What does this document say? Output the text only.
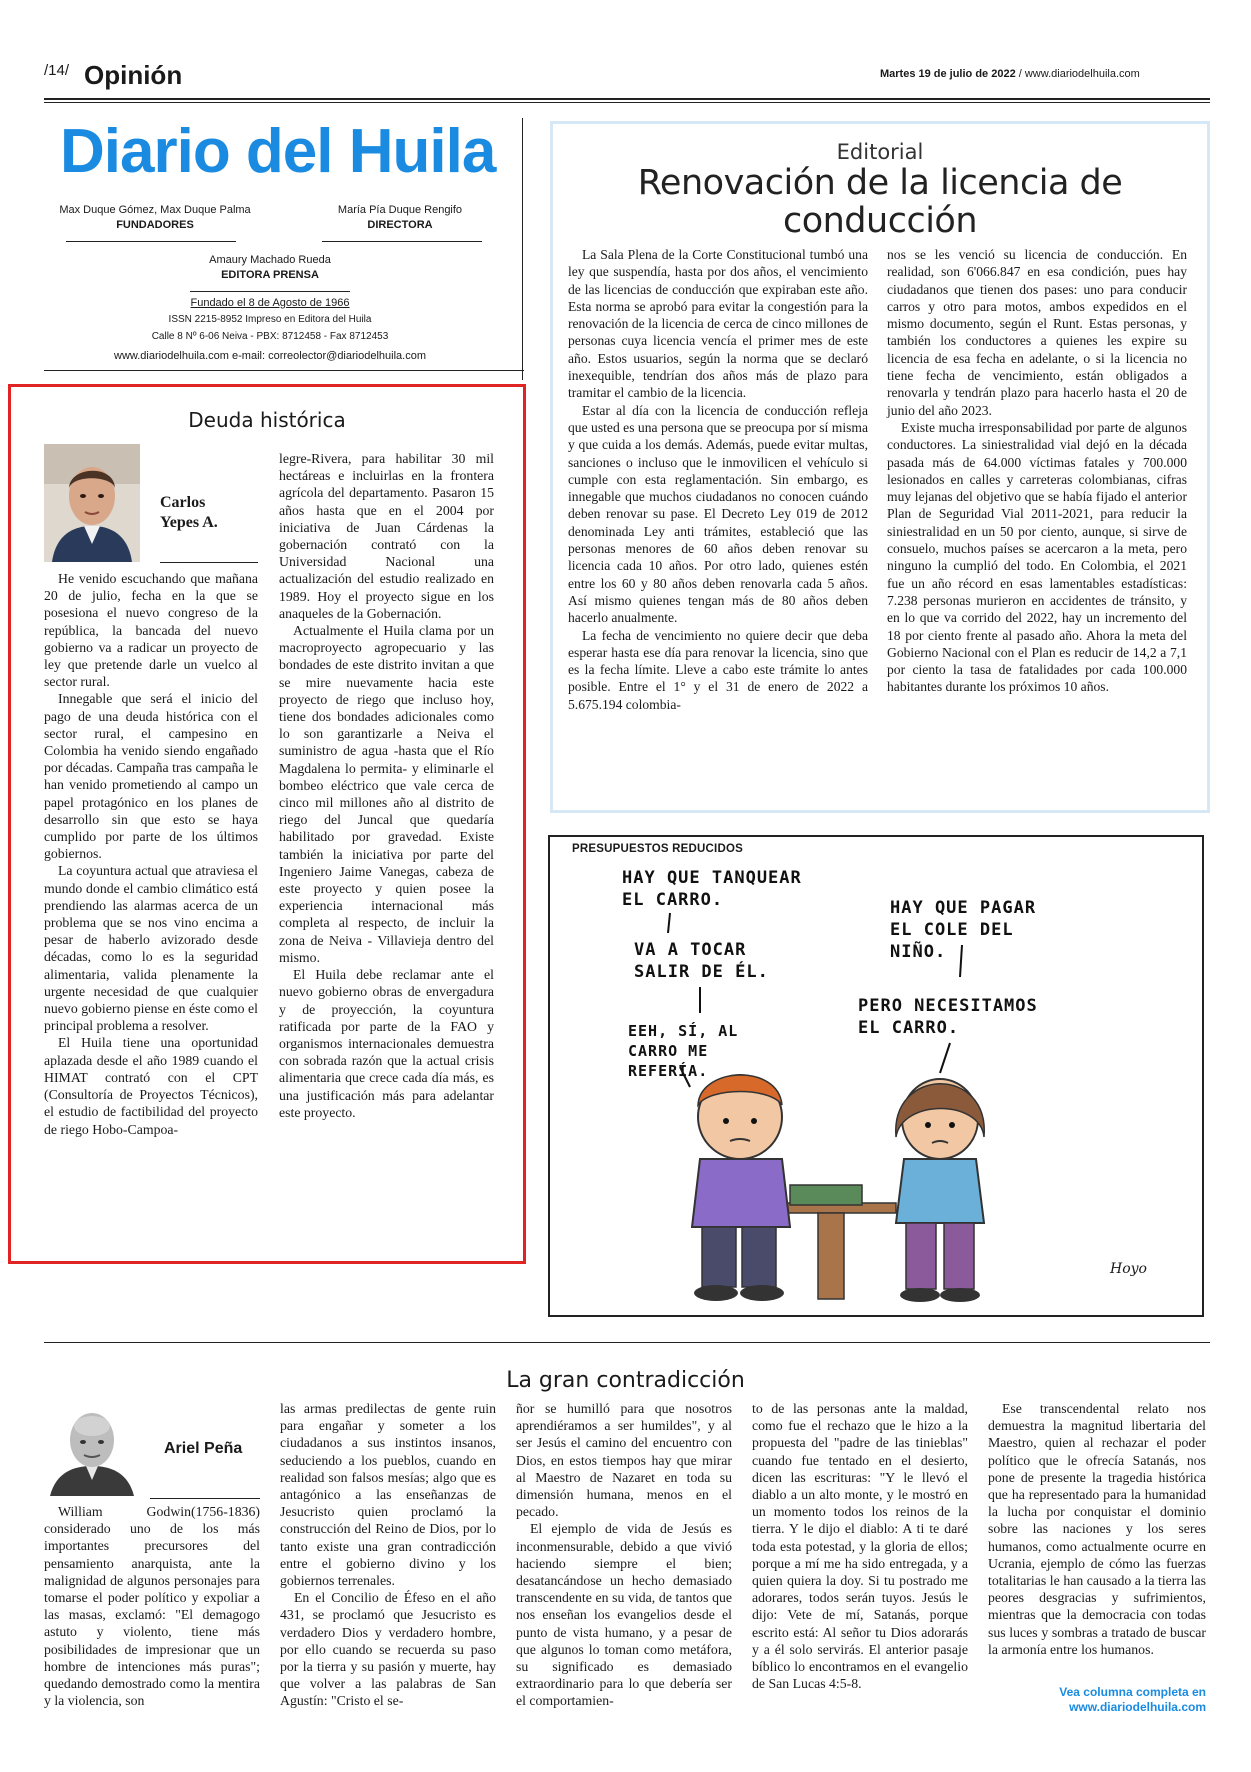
/14/ Opinión	Martes 19 de julio de 2022 / www.diariodelhuila.com
Diario del Huila
Max Duque Gómez, Max Duque Palma
FUNDADORES
María Pía Duque Rengifo
DIRECTORA
Amaury Machado Rueda
EDITORA PRENSA
Fundado el 8 de Agosto de 1966
ISSN 2215-8952 Impreso en Editora del Huila
Calle 8 Nº 6-06 Neiva - PBX: 8712458 - Fax 8712453
www.diariodelhuila.com e-mail: correolector@diariodelhuila.com
Editorial
Renovación de la licencia de conducción

La Sala Plena de la Corte Constitucional tumbó una ley que suspendía, hasta por dos años, el vencimiento de las licencias de conducción que expiraban este año. Esta norma se aprobó para evitar la congestión para la renovación de la licencia de cerca de cinco millones de personas cuya licencia vencía el primer mes de este año. Estos usuarios, según la norma que se declaró inexequible, tendrían dos años más de plazo para tramitar el cambio de la licencia.

Estar al día con la licencia de conducción refleja que usted es una persona que se preocupa por sí misma y que cuida a los demás. Además, puede evitar multas, sanciones o incluso que le inmovilicen el vehículo si cumple con esta reglamentación. Sin embargo, es innegable que muchos ciudadanos no conocen cuándo deben renovar su pase. El Decreto Ley 019 de 2012 denominada Ley anti trámites, estableció que las personas menores de 60 años deben renovar su licencia cada 10 años. Por otro lado, quienes estén entre los 60 y 80 años deben renovarla cada 5 años. Así mismo quienes tengan más de 80 años deben hacerlo anualmente.

La fecha de vencimiento no quiere decir que deba esperar hasta ese día para renovar la licencia, sino que es la fecha límite. Lleve a cabo este trámite lo antes posible. Entre el 1° y el 31 de enero de 2022 a 5.675.194 colombia-

nos se les venció su licencia de conducción. En realidad, son 6'066.847 en esa condición, pues hay ciudadanos que tienen dos pases: uno para conducir carros y otro para motos, ambos expedidos en el mismo documento, según el Runt. Estas personas, y también los conductores a quienes les expire su licencia de esa fecha en adelante, o si la licencia no tiene fecha de vencimiento, están obligados a renovarla y tendrán plazo para hacerlo hasta el 20 de junio del año 2023.

Existe mucha irresponsabilidad por parte de algunos conductores. La siniestralidad vial dejó en la década pasada más de 64.000 víctimas fatales y 700.000 lesionados en calles y carreteras colombianas, cifras muy lejanas del objetivo que se había fijado el anterior Plan de Seguridad Vial 2011-2021, para reducir la siniestralidad en un 50 por ciento, aunque, si sirve de consuelo, muchos países se acercaron a la meta, pero ninguno la cumplió del todo. En Colombia, el 2021 fue un año récord en esas lamentables estadísticas: 7.238 personas murieron en accidentes de tránsito, y en lo que va corrido del 2022, hay un incremento del 18 por ciento frente al pasado año. Ahora la meta del Gobierno Nacional con el Plan es reducir de 14,2 a 7,1 por ciento la tasa de fatalidades por cada 100.000 habitantes durante los próximos 10 años.

Deuda histórica
Carlos
Yepes A.

He venido escuchando que mañana 20 de julio, fecha en la que se posesiona el nuevo congreso de la república, la bancada del nuevo gobierno va a radicar un proyecto de ley que pretende darle un vuelco al sector rural.

Innegable que será el inicio del pago de una deuda histórica con el sector rural, el campesino en Colombia ha venido siendo engañado por décadas. Campaña tras campaña le han venido prometiendo al campo un papel protagónico en los planes de desarrollo sin que esto se haya cumplido por parte de los últimos gobiernos.

La coyuntura actual que atraviesa el mundo donde el cambio climático está prendiendo las alarmas acerca de un problema que se nos vino encima a pesar de haberlo avizorado desde décadas, como lo es la seguridad alimentaria, valida plenamente la urgente necesidad de que cualquier nuevo gobierno piense en éste como el principal problema a resolver.

El Huila tiene una oportunidad aplazada desde el año 1989 cuando el HIMAT contrató con el CPT (Consultoría de Proyectos Técnicos), el estudio de factibilidad del proyecto de riego Hobo-Campoa-

legre-Rivera, para habilitar 30 mil hectáreas e incluirlas en la frontera agrícola del departamento. Pasaron 15 años hasta que en el 2004 por iniciativa de Juan Cárdenas la gobernación contrató con la Universidad Nacional una actualización del estudio realizado en 1989. Hoy el proyecto sigue en los anaqueles de la Gobernación.

Actualmente el Huila clama por un macroproyecto agropecuario y las bondades de este distrito invitan a que se mire nuevamente hacia este proyecto de riego que incluso hoy, tiene dos bondades adicionales como lo son garantizarle a Neiva el suministro de agua -hasta que el Río Magdalena lo permita- y eliminarle el bombeo eléctrico que vale cerca de cinco mil millones año al distrito de riego del Juncal que quedaría habilitado por gravedad. Existe también la iniciativa por parte del Ingeniero Jaime Vanegas, cabeza de este proyecto y quien posee la experiencia internacional más completa al respecto, de incluir la zona de Neiva - Villavieja dentro del mismo.

El Huila debe reclamar ante el nuevo gobierno obras de envergadura y de proyección, la coyuntura ratificada por parte de la FAO y organismos internacionales demuestra con sobrada razón que la actual crisis alimentaria que crece cada día más, es una justificación más para adelantar este proyecto.

PRESUPUESTOS REDUCIDOS
HAY QUE TANQUEAR EL CARRO.
VA A TOCAR SALIR DE ÉL.
EEH, SÍ, AL CARRO ME REFERÍA.
HAY QUE PAGAR EL COLE DEL NIÑO.
PERO NECESITAMOS EL CARRO.
Hoyo
La gran contradicción
Ariel Peña

William Godwin(1756-1836) considerado uno de los más importantes precursores del pensamiento anarquista, ante la malignidad de algunos personajes para tomarse el poder político y expoliar a las masas, exclamó: "El demagogo astuto y violento, tiene más posibilidades de impresionar que un hombre de intenciones más puras"; quedando demostrado como la mentira y la violencia, son

las armas predilectas de gente ruin para engañar y someter a los ciudadanos a sus instintos insanos, seduciendo a los pueblos, cuando en realidad son falsos mesías; algo que es antagónico a las enseñanzas de Jesucristo quien proclamó la construcción del Reino de Dios, por lo tanto existe una gran contradicción entre el gobierno divino y los gobiernos terrenales.

En el Concilio de Éfeso en el año 431, se proclamó que Jesucristo es verdadero Dios y verdadero hombre, por ello cuando se recuerda su paso por la tierra y su pasión y muerte, hay que volver a las palabras de San Agustín: "Cristo el se-

ñor se humilló para que nosotros aprendiéramos a ser humildes", y al ser Jesús el camino del encuentro con Dios, en estos tiempos hay que mirar al Maestro de Nazaret en toda su dimensión humana, menos en el pecado.

El ejemplo de vida de Jesús es inconmensurable, debido a que vivió haciendo siempre el bien; desatancándose un hecho demasiado transcendente en su vida, de tantos que nos enseñan los evangelios desde el punto de vista humano, y a pesar de que algunos lo toman como metáfora, su significado es demasiado extraordinario para lo que debería ser el comportamien-

to de las personas ante la maldad, como fue el rechazo que le hizo a la propuesta del "padre de las tinieblas" cuando fue tentado en el desierto, dicen las escrituras: "Y le llevó el diablo a un alto monte, y le mostró en un momento todos los reinos de la tierra. Y le dijo el diablo: A ti te daré toda esta potestad, y la gloria de ellos; porque a mí me ha sido entregada, y a quien quiera la doy. Si tu postrado me adorares, todos serán tuyos. Jesús le dijo: Vete de mí, Satanás, porque escrito está: Al señor tu Dios adorarás y a él solo servirás. El anterior pasaje bíblico lo encontramos en el evangelio de San Lucas 4:5-8.

Ese transcendental relato nos demuestra la magnitud libertaria del Maestro, quien al rechazar el poder político que le ofrecía Satanás, nos pone de presente la tragedia histórica que ha representado para la humanidad la lucha por conquistar el dominio sobre las naciones y los seres humanos, como actualmente ocurre en Ucrania, ejemplo de cómo las fuerzas totalitarias le han causado a la tierra las peores desgracias y sufrimientos, mientras que la democracia con todas sus luces y sombras a tratado de buscar la armonía entre los humanos.

Vea columna completa en
www.diariodelhuila.com
